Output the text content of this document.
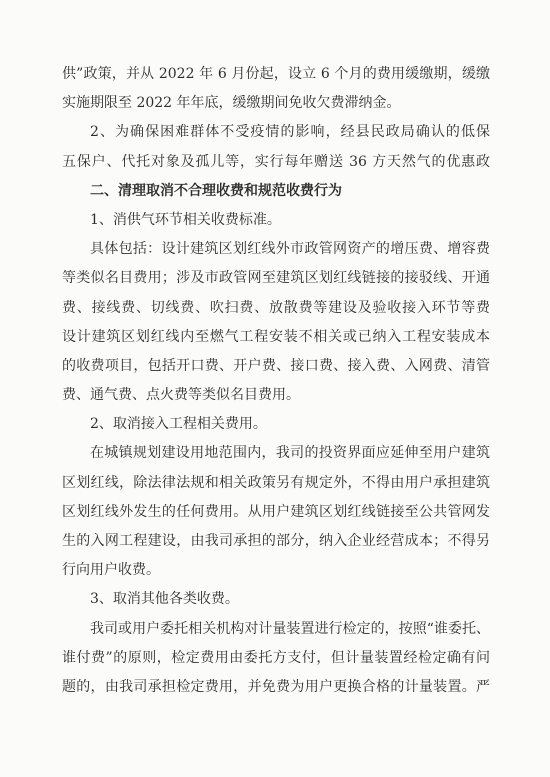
供”政策，并从 2022 年 6 月份起，设立 6 个月的费用缓缴期，缓缴
实施期限至 2022 年年底，缓缴期间免收欠费滞纳金。
2、为确保困难群体不受疫情的影响，经县民政局确认的低保
五保户、代托对象及孤儿等，实行每年赠送 36 方天然气的优惠政
二、清理取消不合理收费和规范收费行为
1、消供气环节相关收费标准。
具体包括：设计建筑区划红线外市政管网资产的增压费、增容费
等类似名目费用；涉及市政管网至建筑区划红线链接的接驳线、开通
费、接线费、切线费、吹扫费、放散费等建设及验收接入环节等费
设计建筑区划红线内至燃气工程安装不相关或已纳入工程安装成本
的收费项目，包括开口费、开户费、接口费、接入费、入网费、清管
费、通气费、点火费等类似名目费用。
2、取消接入工程相关费用。
在城镇规划建设用地范围内，我司的投资界面应延伸至用户建筑
区划红线，除法律法规和相关政策另有规定外，不得由用户承担建筑
区划红线外发生的任何费用。从用户建筑区划红线链接至公共管网发
生的入网工程建设，由我司承担的部分，纳入企业经营成本；不得另
行向用户收费。
3、取消其他各类收费。
我司或用户委托相关机构对计量装置进行检定的，按照“谁委托、
谁付费”的原则，检定费用由委托方支付，但计量装置经检定确有问
题的，由我司承担检定费用，并免费为用户更换合格的计量装置。严
